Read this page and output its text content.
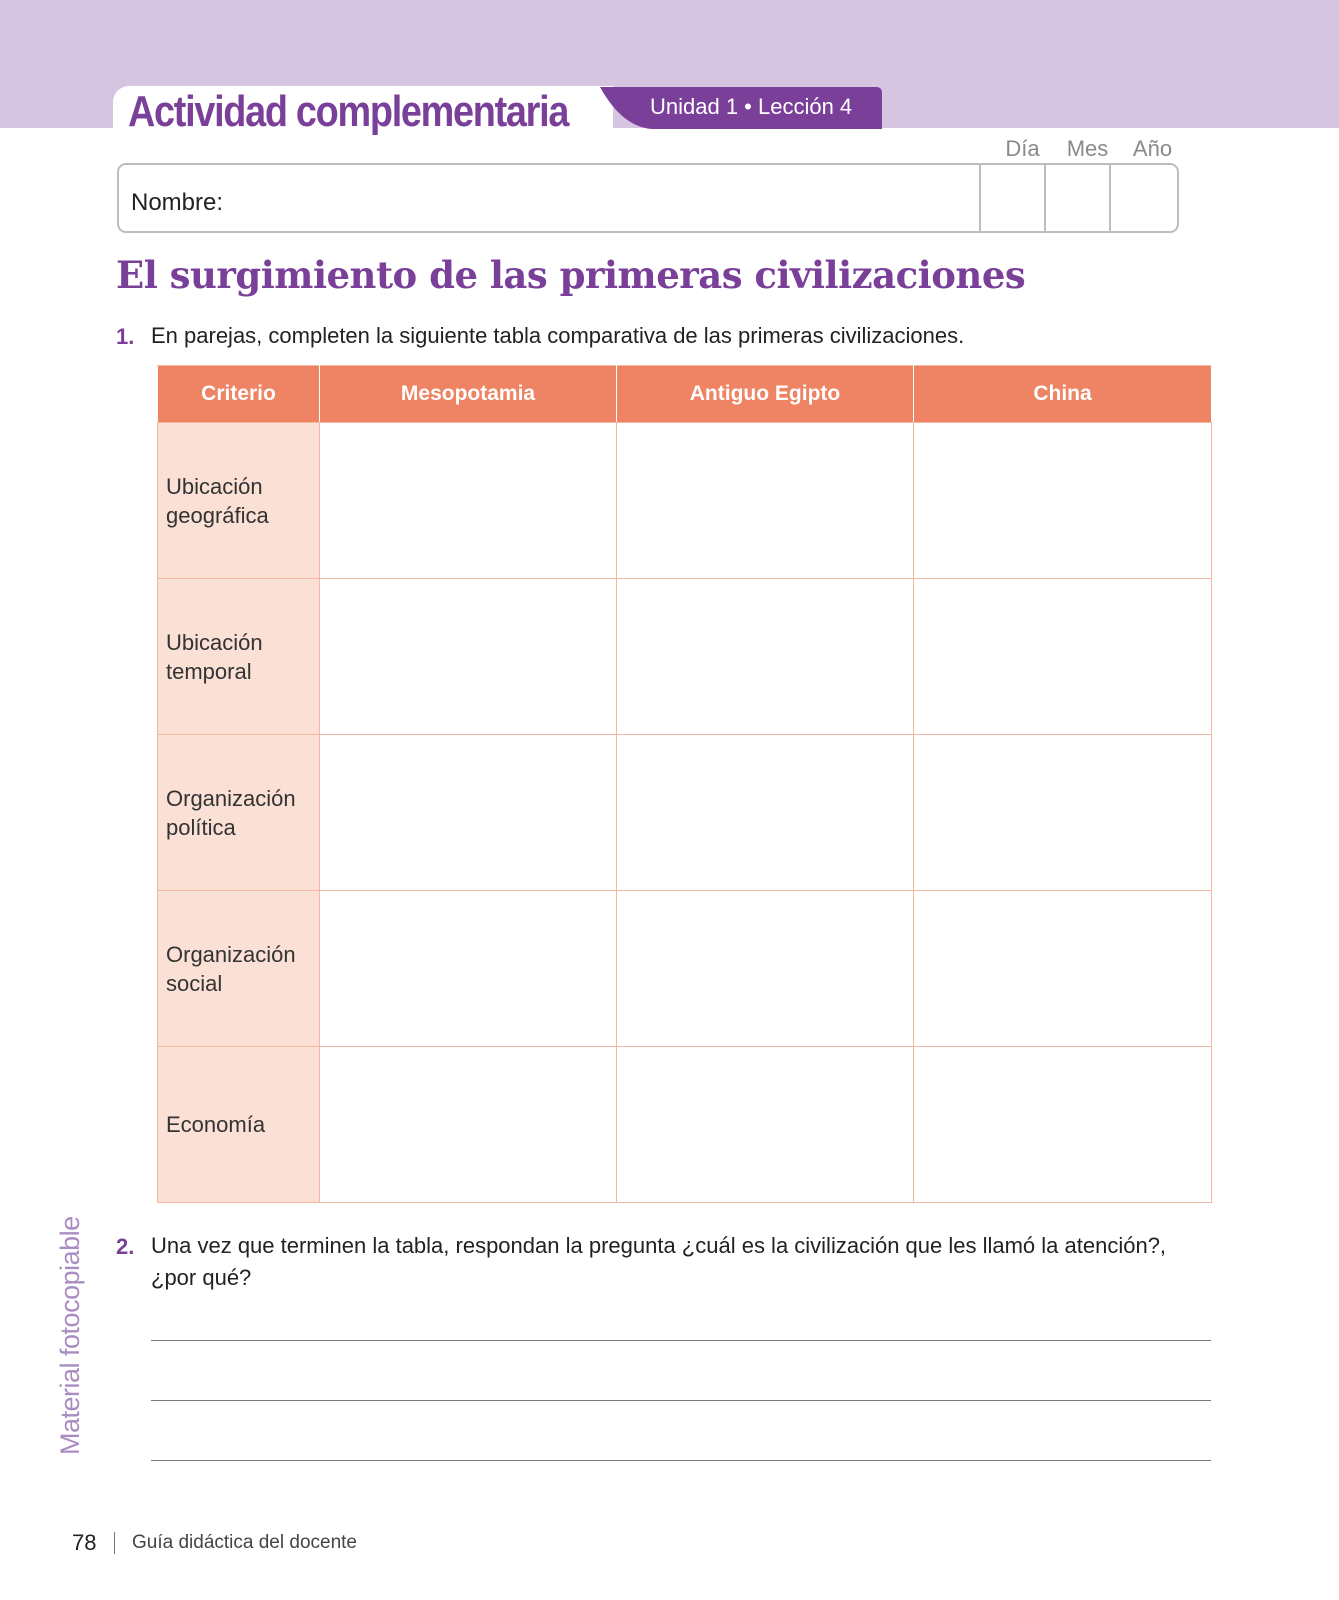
Actividad complementaria	Unidad 1 • Lección 4
Día	Mes	Año
Nombre:
El surgimiento de las primeras civilizaciones
1. En parejas, completen la siguiente tabla comparativa de las primeras civilizaciones.
Criterio	Mesopotamia	Antiguo Egipto	China

Ubicación
geográfica			

Ubicación
temporal			

Organización
política			

Organización
social			

Economía			

2. Una vez que terminen la tabla, respondan la pregunta ¿cuál es la civilización que les llamó la atención?,
¿por qué?
Material fotocopiable
78 Guía didáctica del docente
